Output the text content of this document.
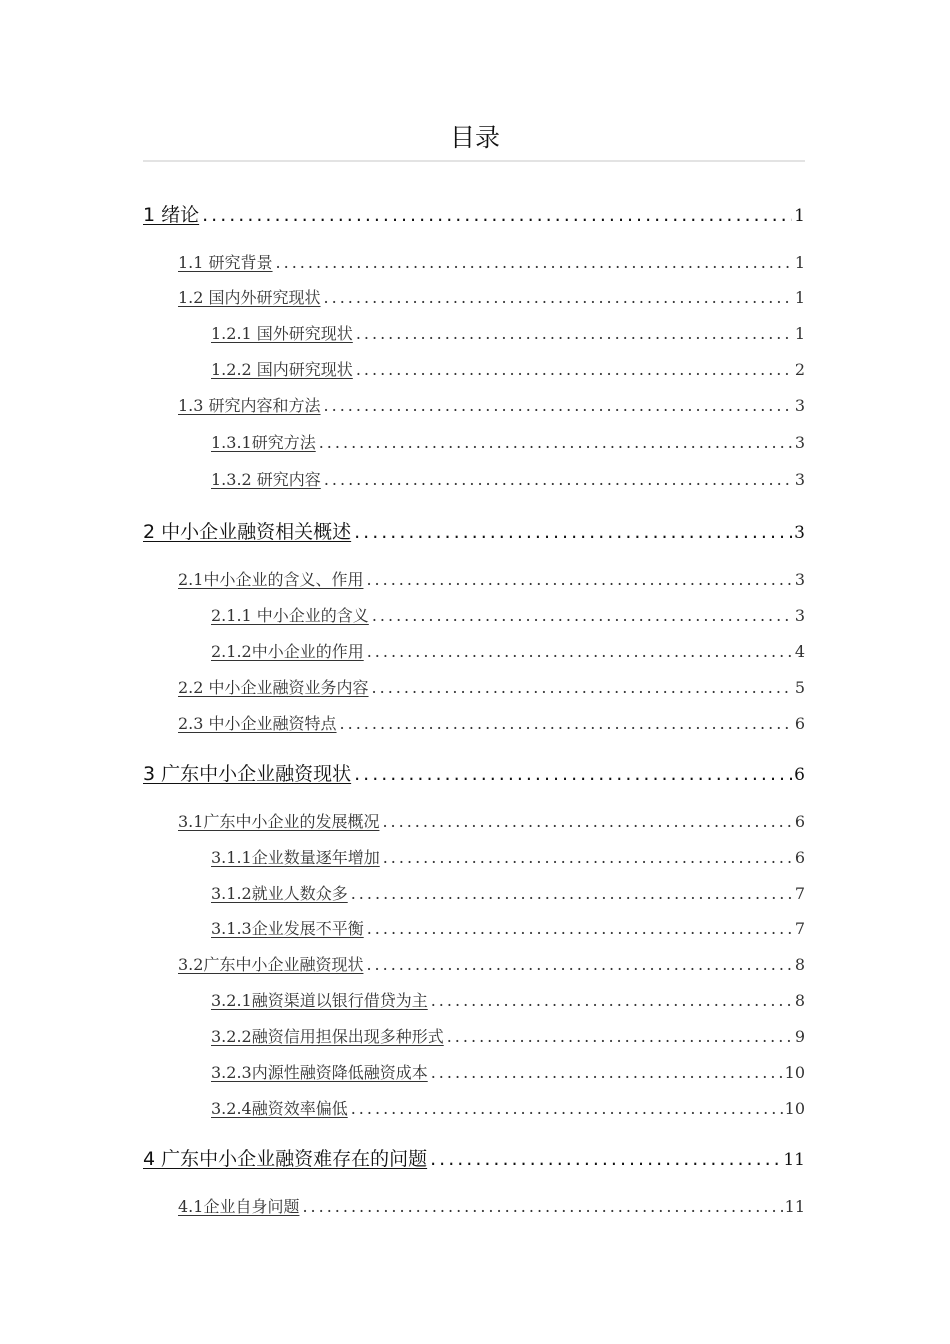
目录
1 绪论 .....	1
1.1 研究背景 .....	1
1.2 国内外研究现状 .....	1
1.2.1 国外研究现状 .....	1
1.2.2 国内研究现状 .....	2
1.3 研究内容和方法 .....	3
1.3.1研究方法 .....	3
1.3.2 研究内容 .....	3
2 中小企业融资相关概述 .....	3
2.1中小企业的含义、作用 .....	3
2.1.1 中小企业的含义 .....	3
2.1.2中小企业的作用 .....	4
2.2 中小企业融资业务内容 .....	5
2.3 中小企业融资特点 .....	6
3 广东中小企业融资现状 .....	6
3.1广东中小企业的发展概况 .....	6
3.1.1企业数量逐年增加 .....	6
3.1.2就业人数众多 .....	7
3.1.3企业发展不平衡 .....	7
3.2广东中小企业融资现状 .....	8
3.2.1融资渠道以银行借贷为主 .....	8
3.2.2融资信用担保出现多种形式 .....	9
3.2.3内源性融资降低融资成本 .....	10
3.2.4融资效率偏低 .....	10
4 广东中小企业融资难存在的问题 .....	11
4.1企业自身问题 .....	11
